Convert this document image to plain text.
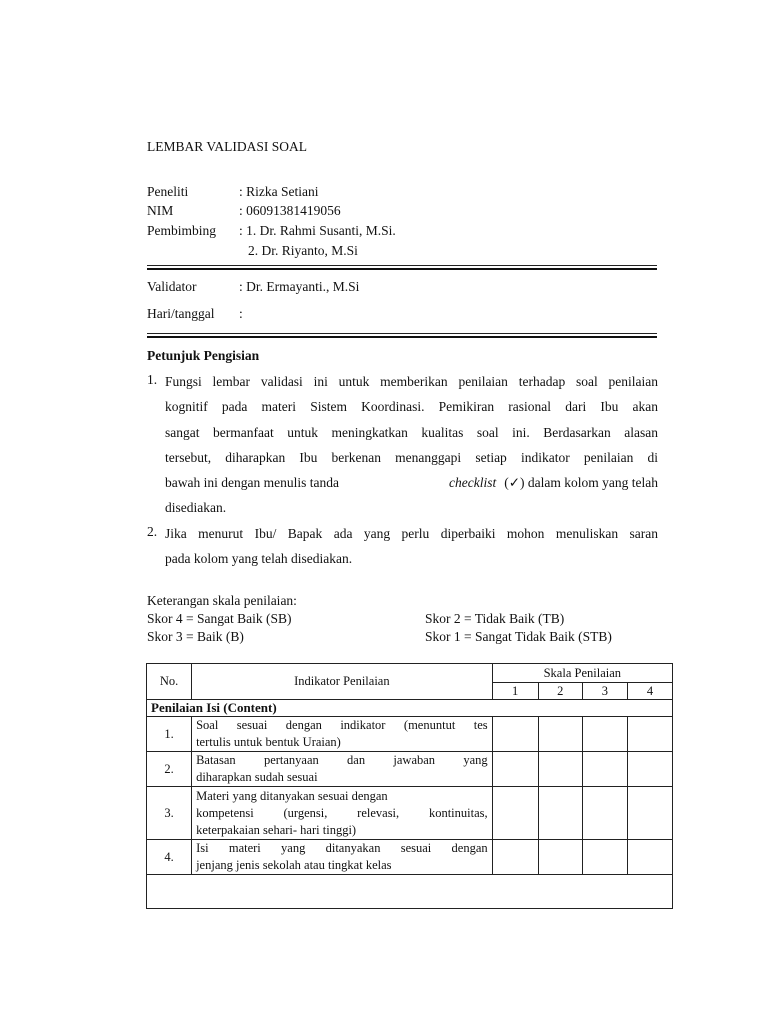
LEMBAR VALIDASI SOAL
Peneliti	: Rizka Setiani
NIM	: 06091381419056
Pembimbing : 1. Dr. Rahmi Susanti, M.Si.
2. Dr. Riyanto, M.Si
Validator	: Dr. Ermayanti., M.Si
Hari/tanggal :
Petunjuk Pengisian
1. Fungsi lembar validasi ini untuk memberikan penilaian terhadap soal penilaian
kognitif pada materi Sistem Koordinasi. Pemikiran rasional dari Ibu akan
sangat bermanfaat untuk meningkatkan kualitas soal ini. Berdasarkan alasan
tersebut, diharapkan Ibu berkenan menanggapi setiap indikator penilaian di
bawah ini dengan menulis tanda	checklist (✓) dalam kolom yang telah
disediakan.
2. Jika menurut Ibu/ Bapak ada yang perlu diperbaiki mohon menuliskan saran
pada kolom yang telah disediakan.
Keterangan skala penilaian:
Skor 4 = Sangat Baik (SB)
Skor 3 = Baik (B)
Skor 2 = Tidak Baik (TB)
Skor 1 = Sangat Tidak Baik (STB)
No.	Indikator Penilaian	Skala Penilaian			
		1	2	3	4
Penilaian Isi (Content)					
1.	Soal sesuai dengan indikator (menuntut tes
tertulis untuk bentuk Uraian)				

2.	Batasan pertanyaan dan jawaban yang
diharapkan sudah sesuai				

3.	Materi yang ditanyakan sesuai dengan
kompetensi (urgensi, relevasi, kontinuitas,
keterpakaian sehari- hari tinggi)				

4.	Isi materi yang ditanyakan sesuai dengan
jenjang jenis sekolah atau tingkat kelas				
